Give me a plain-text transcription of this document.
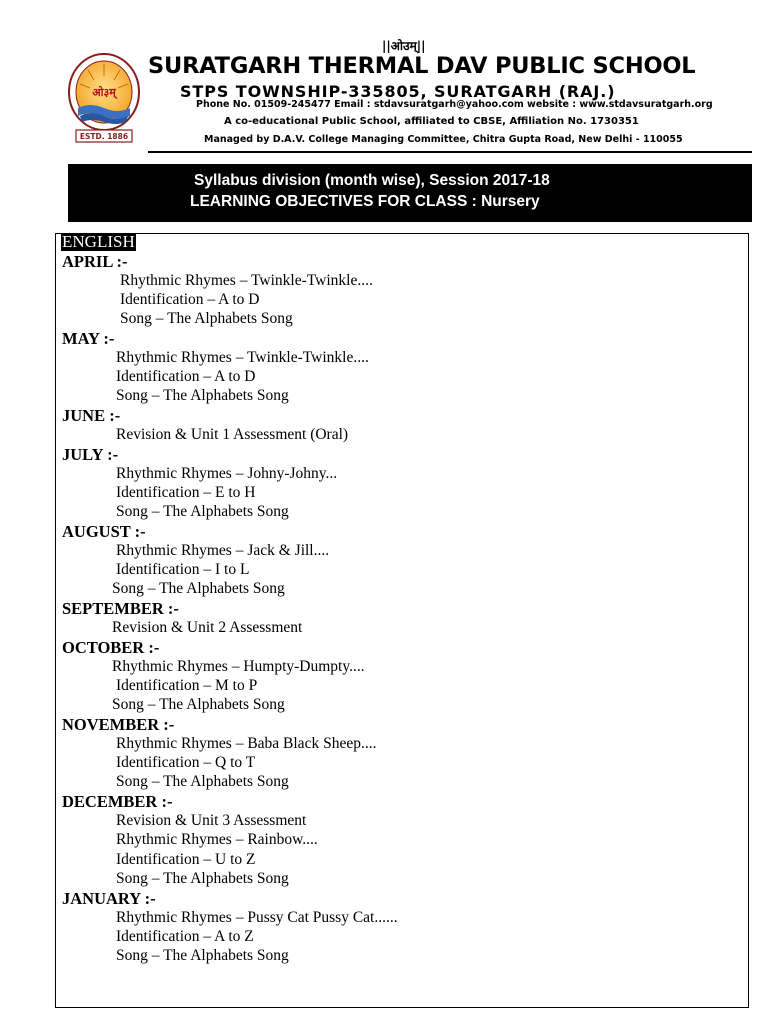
ओ३म्
ESTD. 1886
||ओउम्||
SURATGARH THERMAL DAV PUBLIC SCHOOL
STPS TOWNSHIP-335805, SURATGARH (RAJ.)
Phone No. 01509-245477 Email : stdavsuratgarh@yahoo.com website : www.stdavsuratgarh.org
A co-educational Public School, affiliated to CBSE, Affiliation No. 1730351
Managed by D.A.V. College Managing Committee, Chitra Gupta Road, New Delhi - 110055
Syllabus division (month wise), Session 2017-18
LEARNING OBJECTIVES FOR CLASS : Nursery
ENGLISH
APRIL :-
Rhythmic Rhymes – Twinkle-Twinkle....
Identification – A to D
Song – The Alphabets Song
MAY :-
Rhythmic Rhymes – Twinkle-Twinkle....
Identification – A to D
Song – The Alphabets Song
JUNE :-
Revision & Unit 1 Assessment (Oral)
JULY :-
Rhythmic Rhymes – Johny-Johny...
Identification – E to H
Song – The Alphabets Song
AUGUST :-
Rhythmic Rhymes – Jack & Jill....
Identification – I to L
Song – The Alphabets Song
SEPTEMBER :-
Revision & Unit 2 Assessment
OCTOBER :-
Rhythmic Rhymes – Humpty-Dumpty....
Identification – M to P
Song – The Alphabets Song
NOVEMBER :-
Rhythmic Rhymes – Baba Black Sheep....
Identification – Q to T
Song – The Alphabets Song
DECEMBER :-
Revision & Unit 3 Assessment
Rhythmic Rhymes – Rainbow....
Identification – U to Z
Song – The Alphabets Song
JANUARY :-
Rhythmic Rhymes – Pussy Cat Pussy Cat......
Identification – A to Z
Song – The Alphabets Song
